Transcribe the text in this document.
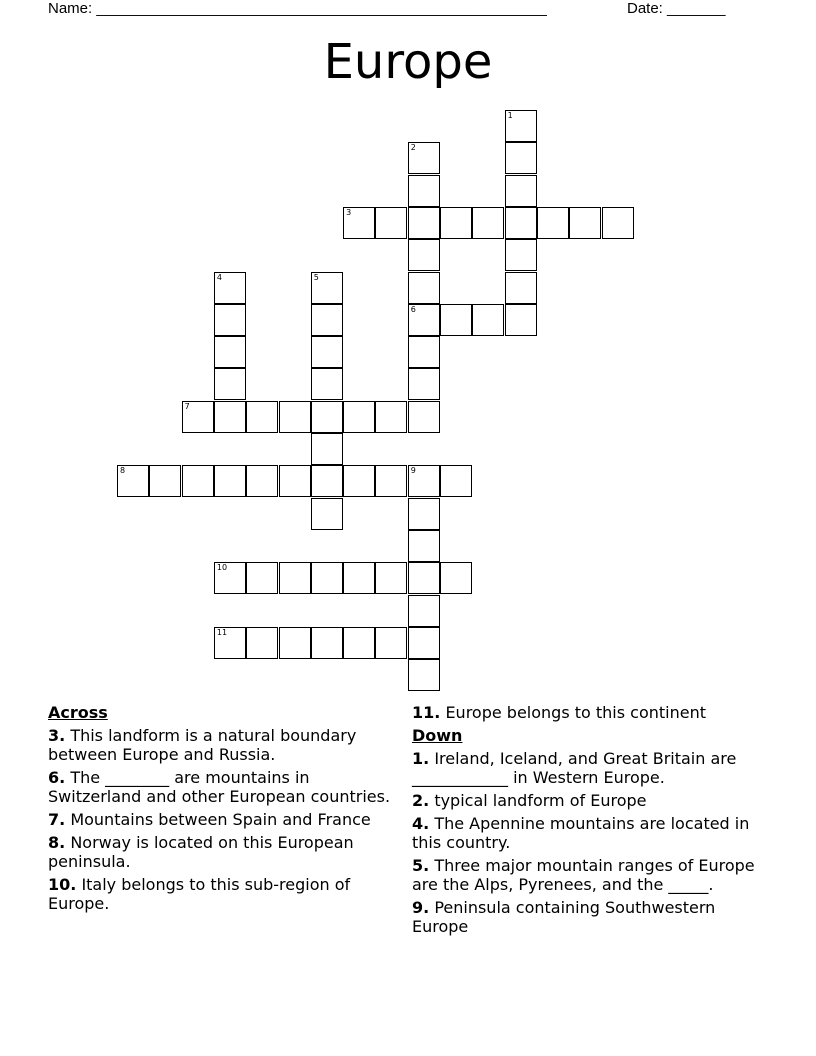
Name: ______________________________________________________	Date: _______
Europe
1
2
3
4	5
6
7
8	9
10
11
Across
3. This landform is a natural boundary between Europe and Russia.
6. The ________ are mountains in Switzerland and other European countries.
7. Mountains between Spain and France
8. Norway is located on this European peninsula.
10. Italy belongs to this sub-region of Europe.
11. Europe belongs to this continent
Down
1. Ireland, Iceland, and Great Britain are ____________ in Western Europe.
2. typical landform of Europe
4. The Apennine mountains are located in this country.
5. Three major mountain ranges of Europe are the Alps, Pyrenees, and the _____.
9. Peninsula containing Southwestern Europe
